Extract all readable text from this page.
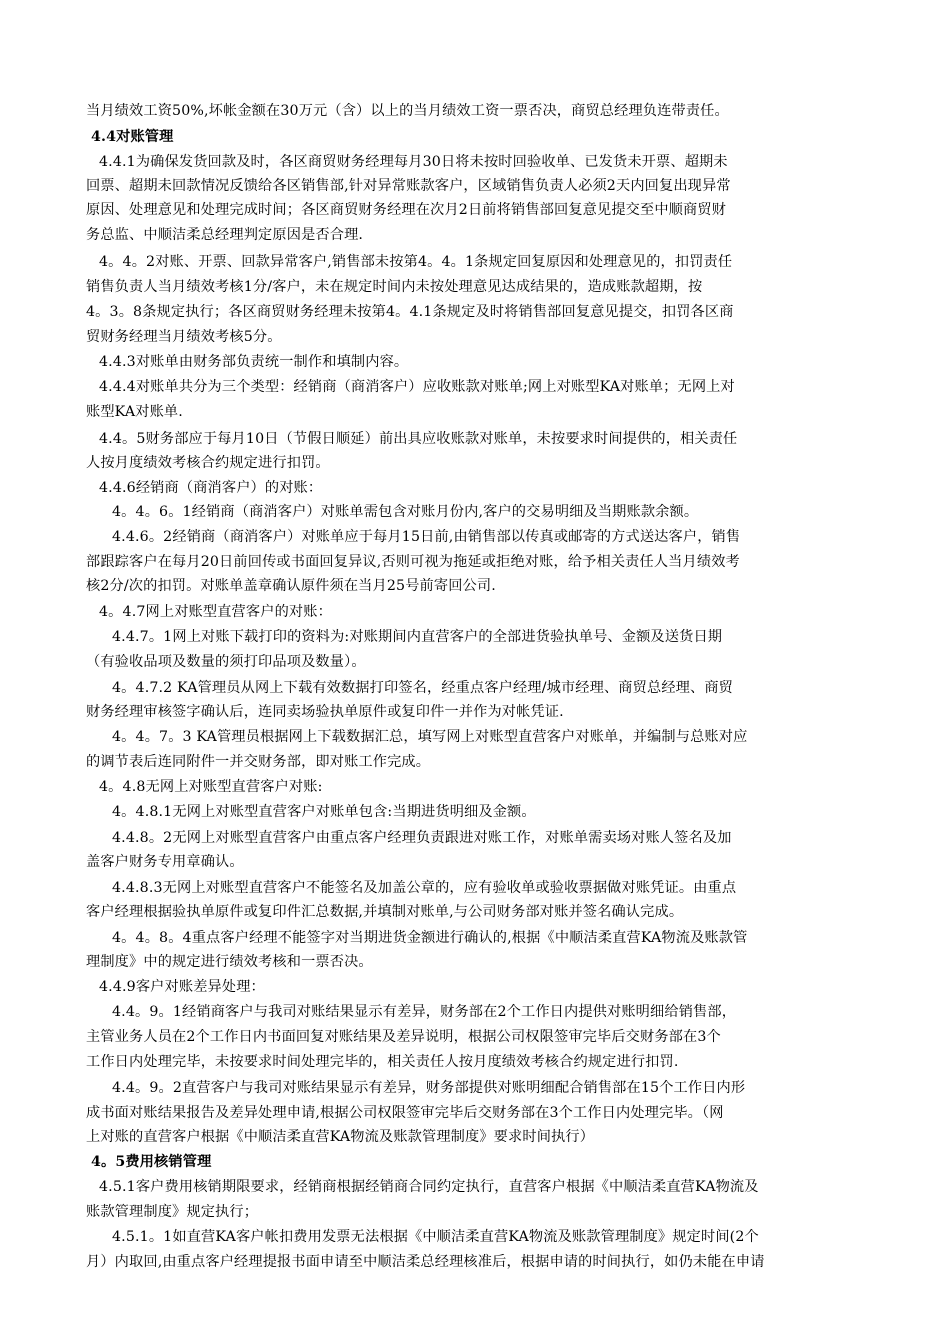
当月绩效工资50%,坏帐金额在30万元（含）以上的当月绩效工资一票否决，商贸总经理负连带责任。
4.4对账管理
4.4.1为确保发货回款及时，各区商贸财务经理每月30日将未按时回验收单、已发货未开票、超期未
回票、超期未回款情况反馈给各区销售部,针对异常账款客户，区域销售负责人必须2天内回复出现异常
原因、处理意见和处理完成时间；各区商贸财务经理在次月2日前将销售部回复意见提交至中顺商贸财
务总监、中顺洁柔总经理判定原因是否合理.
4。4。2对账、开票、回款异常客户,销售部未按第4。4。1条规定回复原因和处理意见的，扣罚责任
销售负责人当月绩效考核1分/客户，未在规定时间内未按处理意见达成结果的，造成账款超期，按
4。3。8条规定执行；各区商贸财务经理未按第4。4.1条规定及时将销售部回复意见提交，扣罚各区商
贸财务经理当月绩效考核5分。
4.4.3对账单由财务部负责统一制作和填制内容。
4.4.4对账单共分为三个类型：经销商（商消客户）应收账款对账单;网上对账型KA对账单；无网上对
账型KA对账单.
4.4。5财务部应于每月10日（节假日顺延）前出具应收账款对账单，未按要求时间提供的，相关责任
人按月度绩效考核合约规定进行扣罚。
4.4.6经销商（商消客户）的对账：
4。4。6。1经销商（商消客户）对账单需包含对账月份内,客户的交易明细及当期账款余额。
4.4.6。2经销商（商消客户）对账单应于每月15日前,由销售部以传真或邮寄的方式送达客户，销售
部跟踪客户在每月20日前回传或书面回复异议,否则可视为拖延或拒绝对账，给予相关责任人当月绩效考
核2分/次的扣罚。对账单盖章确认原件须在当月25号前寄回公司.
4。4.7网上对账型直营客户的对账：
4.4.7。1网上对账下载打印的资料为:对账期间内直营客户的全部进货验执单号、金额及送货日期
（有验收品项及数量的须打印品项及数量）。
4。4.7.2 KA管理员从网上下载有效数据打印签名，经重点客户经理/城市经理、商贸总经理、商贸
财务经理审核签字确认后，连同卖场验执单原件或复印件一并作为对帐凭证.
4。4。7。3 KA管理员根据网上下载数据汇总，填写网上对账型直营客户对账单，并编制与总账对应
的调节表后连同附件一并交财务部，即对账工作完成。
4。4.8无网上对账型直营客户对账:
4。4.8.1无网上对账型直营客户对账单包含:当期进货明细及金额。
4.4.8。2无网上对账型直营客户由重点客户经理负责跟进对账工作，对账单需卖场对账人签名及加
盖客户财务专用章确认。
4.4.8.3无网上对账型直营客户不能签名及加盖公章的，应有验收单或验收票据做对账凭证。由重点
客户经理根据验执单原件或复印件汇总数据,并填制对账单,与公司财务部对账并签名确认完成。
4。4。8。4重点客户经理不能签字对当期进货金额进行确认的,根据《中顺洁柔直营KA物流及账款管
理制度》中的规定进行绩效考核和一票否决。
4.4.9客户对账差异处理：
4.4。9。1经销商客户与我司对账结果显示有差异，财务部在2个工作日内提供对账明细给销售部，
主管业务人员在2个工作日内书面回复对账结果及差异说明，根据公司权限签审完毕后交财务部在3个
工作日内处理完毕，未按要求时间处理完毕的，相关责任人按月度绩效考核合约规定进行扣罚.
4.4。9。2直营客户与我司对账结果显示有差异，财务部提供对账明细配合销售部在15个工作日内形
成书面对账结果报告及差异处理申请,根据公司权限签审完毕后交财务部在3个工作日内处理完毕。（网
上对账的直营客户根据《中顺洁柔直营KA物流及账款管理制度》要求时间执行）
4。5费用核销管理
4.5.1客户费用核销期限要求，经销商根据经销商合同约定执行，直营客户根据《中顺洁柔直营KA物流及
账款管理制度》规定执行；
4.5.1。1如直营KA客户帐扣费用发票无法根据《中顺洁柔直营KA物流及账款管理制度》规定时间(2个
月）内取回,由重点客户经理提报书面申请至中顺洁柔总经理核准后，根据申请的时间执行，如仍未能在申请
